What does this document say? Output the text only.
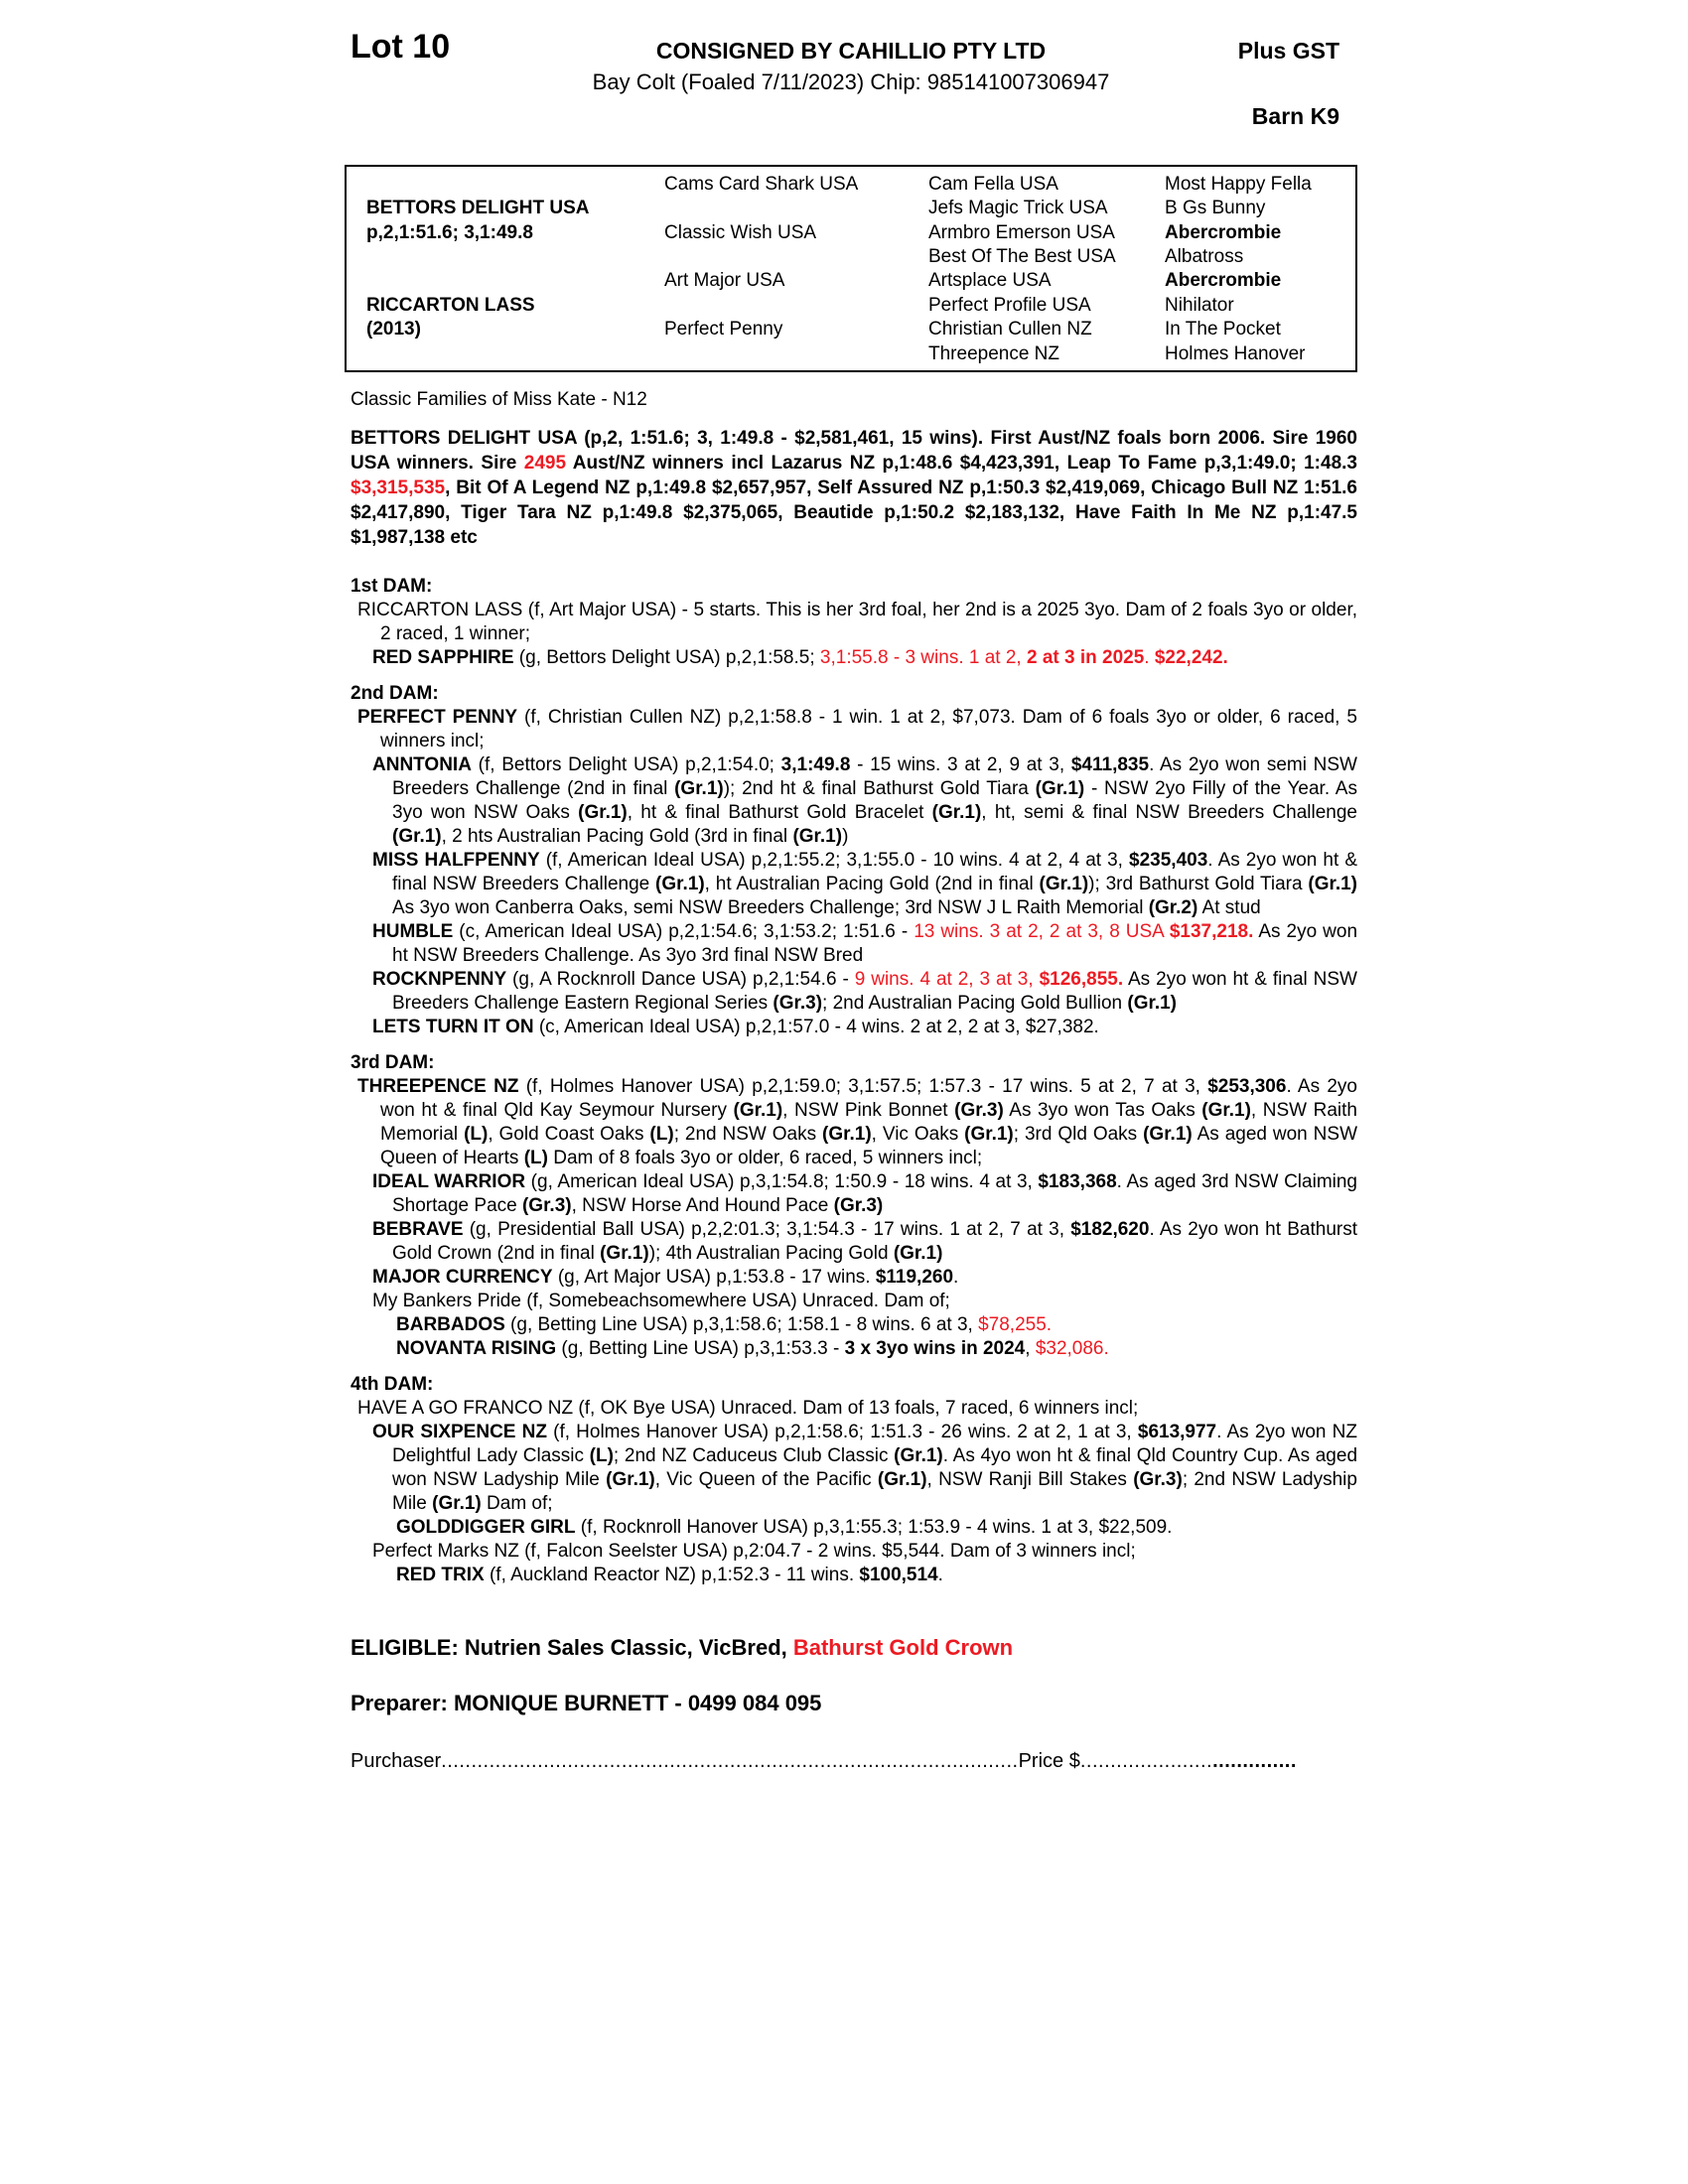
Lot 10	CONSIGNED BY CAHILLIO PTY LTD	Plus GST
Bay Colt (Foaled 7/11/2023) Chip: 985141007306947
Barn K9
BETTORS DELIGHT USA
p,2,1:51.6; 3,1:49.8
RICCARTON LASS
(2013)
Cams Card Shark USA
Classic Wish USA
Art Major USA
Perfect Penny
Cam Fella USA
Jefs Magic Trick USA
Armbro Emerson USA
Best Of The Best USA
Artsplace USA
Perfect Profile USA
Christian Cullen NZ
Threepence NZ
Most Happy Fella
B Gs Bunny
Abercrombie
Albatross
Abercrombie
Nihilator
In The Pocket
Holmes Hanover

Classic Families of Miss Kate - N12

BETTORS DELIGHT USA (p,2, 1:51.6; 3, 1:49.8 - $2,581,461, 15 wins). First Aust/NZ foals born 2006. Sire 1960 USA winners. Sire 2495 Aust/NZ winners incl Lazarus NZ p,1:48.6 $4,423,391, Leap To Fame p,3,1:49.0; 1:48.3 $3,315,535, Bit Of A Legend NZ p,1:49.8 $2,657,957, Self Assured NZ p,1:50.3 $2,419,069, Chicago Bull NZ 1:51.6 $2,417,890, Tiger Tara NZ p,1:49.8 $2,375,065, Beautide p,1:50.2 $2,183,132, Have Faith In Me NZ p,1:47.5 $1,987,138 etc

1st DAM:

RICCARTON LASS (f, Art Major USA) - 5 starts. This is her 3rd foal, her 2nd is a 2025 3yo. Dam of 2 foals 3yo or older, 2 raced, 1 winner;

RED SAPPHIRE (g, Bettors Delight USA) p,2,1:58.5; 3,1:55.8 - 3 wins. 1 at 2, 2 at 3 in 2025. $22,242.

2nd DAM:

PERFECT PENNY (f, Christian Cullen NZ) p,2,1:58.8 - 1 win. 1 at 2, $7,073. Dam of 6 foals 3yo or older, 6 raced, 5 winners incl;

ANNTONIA (f, Bettors Delight USA) p,2,1:54.0; 3,1:49.8 - 15 wins. 3 at 2, 9 at 3, $411,835. As 2yo won semi NSW Breeders Challenge (2nd in final (Gr.1)); 2nd ht & final Bathurst Gold Tiara (Gr.1) - NSW 2yo Filly of the Year. As 3yo won NSW Oaks (Gr.1), ht & final Bathurst Gold Bracelet (Gr.1), ht, semi & final NSW Breeders Challenge (Gr.1), 2 hts Australian Pacing Gold (3rd in final (Gr.1))

MISS HALFPENNY (f, American Ideal USA) p,2,1:55.2; 3,1:55.0 - 10 wins. 4 at 2, 4 at 3, $235,403. As 2yo won ht & final NSW Breeders Challenge (Gr.1), ht Australian Pacing Gold (2nd in final (Gr.1)); 3rd Bathurst Gold Tiara (Gr.1) As 3yo won Canberra Oaks, semi NSW Breeders Challenge; 3rd NSW J L Raith Memorial (Gr.2) At stud

HUMBLE (c, American Ideal USA) p,2,1:54.6; 3,1:53.2; 1:51.6 - 13 wins. 3 at 2, 2 at 3, 8 USA $137,218. As 2yo won ht NSW Breeders Challenge. As 3yo 3rd final NSW Bred

ROCKNPENNY (g, A Rocknroll Dance USA) p,2,1:54.6 - 9 wins. 4 at 2, 3 at 3, $126,855. As 2yo won ht & final NSW Breeders Challenge Eastern Regional Series (Gr.3); 2nd Australian Pacing Gold Bullion (Gr.1)

LETS TURN IT ON (c, American Ideal USA) p,2,1:57.0 - 4 wins. 2 at 2, 2 at 3, $27,382.

3rd DAM:

THREEPENCE NZ (f, Holmes Hanover USA) p,2,1:59.0; 3,1:57.5; 1:57.3 - 17 wins. 5 at 2, 7 at 3, $253,306. As 2yo won ht & final Qld Kay Seymour Nursery (Gr.1), NSW Pink Bonnet (Gr.3) As 3yo won Tas Oaks (Gr.1), NSW Raith Memorial (L), Gold Coast Oaks (L); 2nd NSW Oaks (Gr.1), Vic Oaks (Gr.1); 3rd Qld Oaks (Gr.1) As aged won NSW Queen of Hearts (L) Dam of 8 foals 3yo or older, 6 raced, 5 winners incl;

IDEAL WARRIOR (g, American Ideal USA) p,3,1:54.8; 1:50.9 - 18 wins. 4 at 3, $183,368. As aged 3rd NSW Claiming Shortage Pace (Gr.3), NSW Horse And Hound Pace (Gr.3)

BEBRAVE (g, Presidential Ball USA) p,2,2:01.3; 3,1:54.3 - 17 wins. 1 at 2, 7 at 3, $182,620. As 2yo won ht Bathurst Gold Crown (2nd in final (Gr.1)); 4th Australian Pacing Gold (Gr.1)

MAJOR CURRENCY (g, Art Major USA) p,1:53.8 - 17 wins. $119,260.

My Bankers Pride (f, Somebeachsomewhere USA) Unraced. Dam of;

BARBADOS (g, Betting Line USA) p,3,1:58.6; 1:58.1 - 8 wins. 6 at 3, $78,255.

NOVANTA RISING (g, Betting Line USA) p,3,1:53.3 - 3 x 3yo wins in 2024, $32,086.

4th DAM:

HAVE A GO FRANCO NZ (f, OK Bye USA) Unraced. Dam of 13 foals, 7 raced, 6 winners incl;

OUR SIXPENCE NZ (f, Holmes Hanover USA) p,2,1:58.6; 1:51.3 - 26 wins. 2 at 2, 1 at 3, $613,977. As 2yo won NZ Delightful Lady Classic (L); 2nd NZ Caduceus Club Classic (Gr.1). As 4yo won ht & final Qld Country Cup. As aged won NSW Ladyship Mile (Gr.1), Vic Queen of the Pacific (Gr.1), NSW Ranji Bill Stakes (Gr.3); 2nd NSW Ladyship Mile (Gr.1) Dam of;

GOLDDIGGER GIRL (f, Rocknroll Hanover USA) p,3,1:55.3; 1:53.9 - 4 wins. 1 at 3, $22,509.

Perfect Marks NZ (f, Falcon Seelster USA) p,2:04.7 - 2 wins. $5,544. Dam of 3 winners incl;

RED TRIX (f, Auckland Reactor NZ) p,1:52.3 - 11 wins. $100,514.

ELIGIBLE: Nutrien Sales Classic, VicBred, Bathurst Gold Crown

Preparer: MONIQUE BURNETT - 0499 084 095

Purchaser................................................................................................Price $....................................
